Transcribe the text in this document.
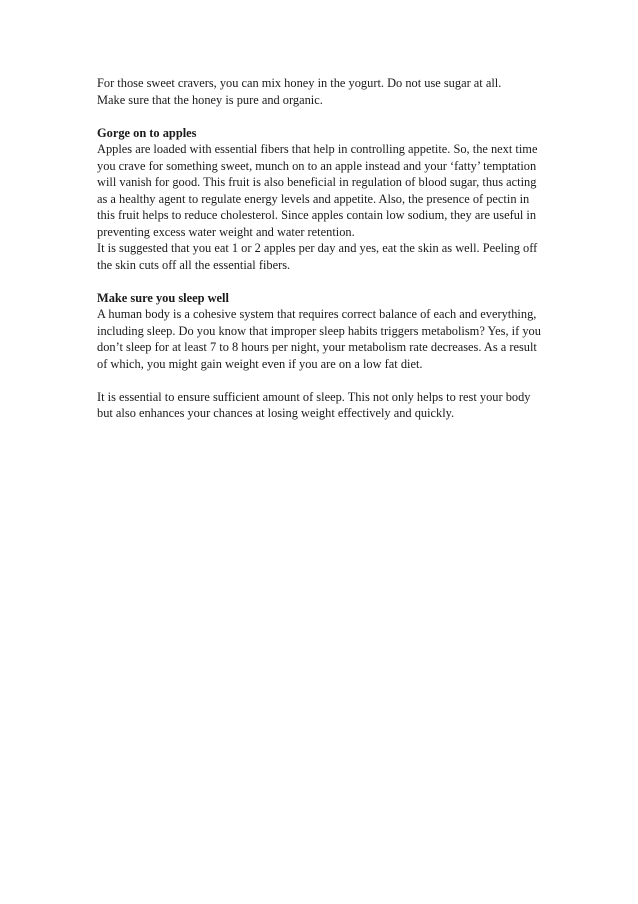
For those sweet cravers, you can mix honey in the yogurt. Do not use sugar at all.

Make sure that the honey is pure and organic.

Gorge on to apples

Apples are loaded with essential fibers that help in controlling appetite. So, the next time you crave for something sweet, munch on to an apple instead and your ‘fatty’ temptation will vanish for good. This fruit is also beneficial in regulation of blood sugar, thus acting as a healthy agent to regulate energy levels and appetite. Also, the presence of pectin in this fruit helps to reduce cholesterol. Since apples contain low sodium, they are useful in preventing excess water weight and water retention.

It is suggested that you eat 1 or 2 apples per day and yes, eat the skin as well. Peeling off the skin cuts off all the essential fibers.

Make sure you sleep well

A human body is a cohesive system that requires correct balance of each and everything, including sleep. Do you know that improper sleep habits triggers metabolism? Yes, if you don’t sleep for at least 7 to 8 hours per night, your metabolism rate decreases. As a result of which, you might gain weight even if you are on a low fat diet.

It is essential to ensure sufficient amount of sleep. This not only helps to rest your body but also enhances your chances at losing weight effectively and quickly.
